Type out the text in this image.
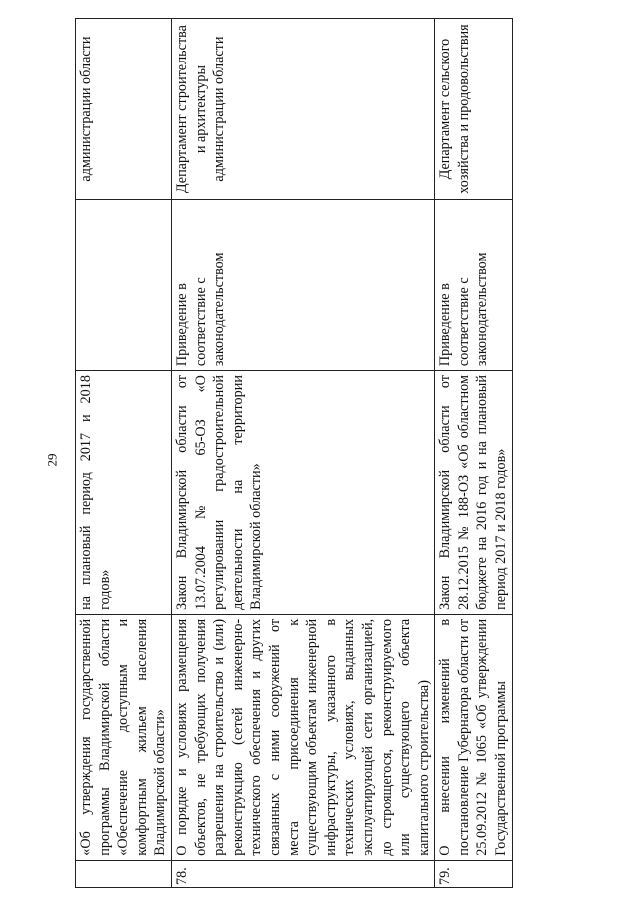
29
	«Об утверждения государственной программы Владимирской области «Обеспечение доступным и комфортным жильем населения Владимирской области»	на плановый период 2017 и 2018 годов»		администрации области
78.	О порядке и условиях размещения объектов, не требующих получения разрешения на строительство и (или) реконструкцию (сетей инженерно-технического обеспечения и других связанных с ними сооружений от места присоединения к существующим объектам инженерной инфраструктуры, указанного в технических условиях, выданных эксплуатирующей сети организацией, до строящегося, реконструируемого или существующего объекта капитального строительства)	Закон Владимирской области от 13.07.2004 № 65-ОЗ «О регулировании градостроительной деятельности на территории Владимирской области»	Приведение в соответствие с законодательством	Департамент строительства и архитектуры администрации области
79.	О внесении изменений в постановление Губернатора области от 25.09.2012 № 1065 «Об утверждении Государственной программы	Закон Владимирской области от 28.12.2015 № 188-ОЗ «Об областном бюджете на 2016 год и на плановый период 2017 и 2018 годов»	Приведение в соответствие с законодательством	Департамент сельского хозяйства и продовольствия
